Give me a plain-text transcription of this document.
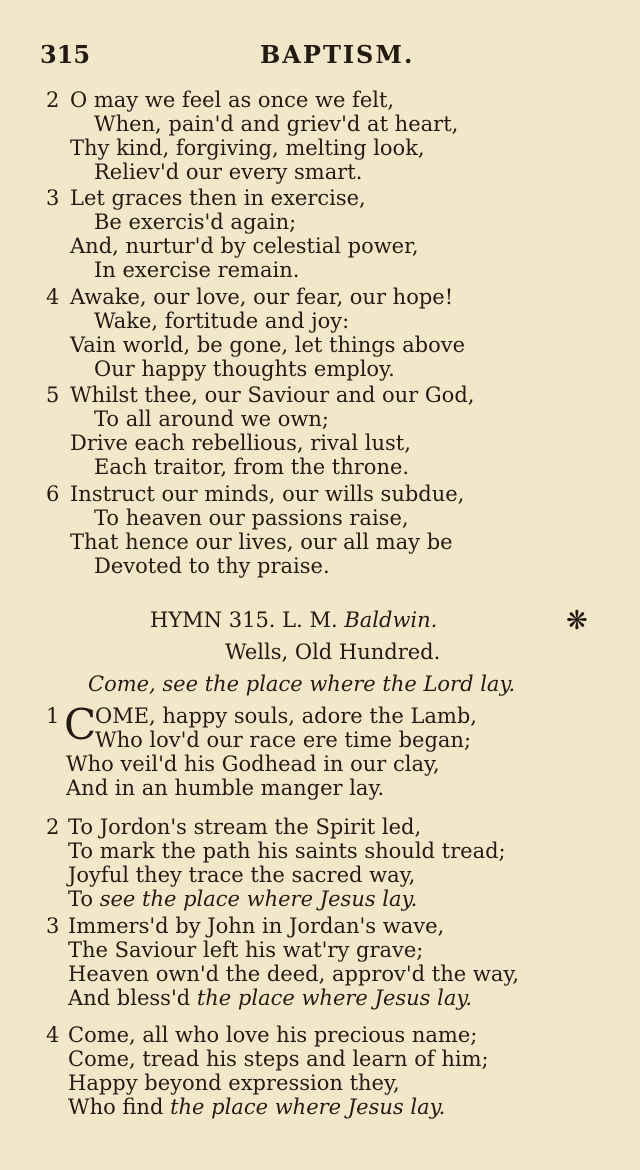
315	BAPTISM.
2 O may we feel as once we felt,
When, pain'd and griev'd at heart,
Thy kind, forgiving, melting look,
Reliev'd our every smart.
3 Let graces then in exercise,
Be exercis'd again;
And, nurtur'd by celestial power,
In exercise remain.
4 Awake, our love, our fear, our hope!
Wake, fortitude and joy:
Vain world, be gone, let things above
Our happy thoughts employ.
5 Whilst thee, our Saviour and our God,
To all around we own;
Drive each rebellious, rival lust,
Each traitor, from the throne.
6 Instruct our minds, our wills subdue,
To heaven our passions raise,
That hence our lives, our all may be
Devoted to thy praise.
HYMN 315. L. M. Baldwin.	❋
Wells, Old Hundred.
Come, see the place where the Lord lay.
1 C
OME, happy souls, adore the Lamb,
Who lov'd our race ere time began;
Who veil'd his Godhead in our clay,
And in an humble manger lay.
2 To Jordon's stream the Spirit led,
To mark the path his saints should tread;
Joyful they trace the sacred way,
To see the place where Jesus lay.
3 Immers'd by John in Jordan's wave,
The Saviour left his wat'ry grave;
Heaven own'd the deed, approv'd the way,
And bless'd the place where Jesus lay.
4 Come, all who love his precious name;
Come, tread his steps and learn of him;
Happy beyond expression they,
Who find the place where Jesus lay.
